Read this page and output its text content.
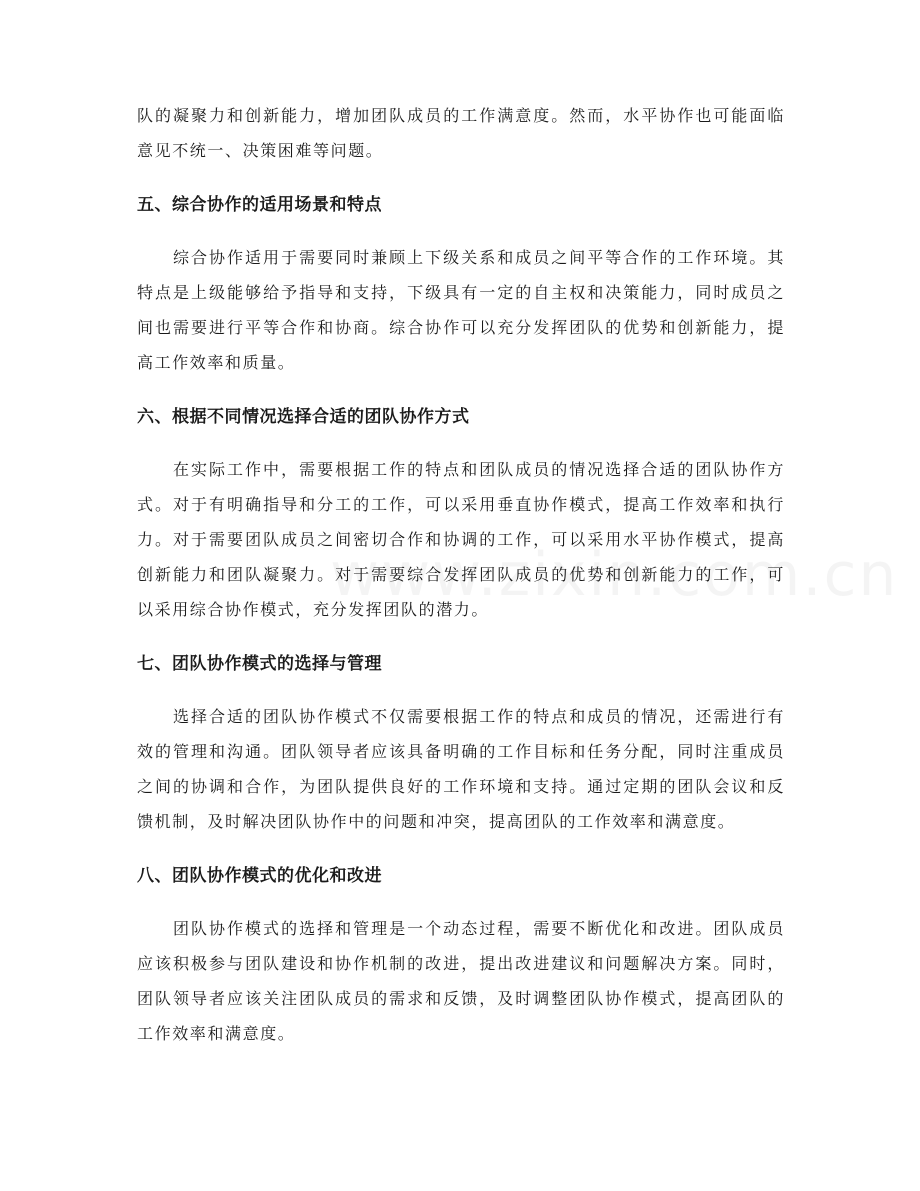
队的凝聚力和创新能力，增加团队成员的工作满意度。然而，水平协作也可能面临意见不统一、决策困难等问题。

五、综合协作的适用场景和特点

综合协作适用于需要同时兼顾上下级关系和成员之间平等合作的工作环境。其特点是上级能够给予指导和支持，下级具有一定的自主权和决策能力，同时成员之间也需要进行平等合作和协商。综合协作可以充分发挥团队的优势和创新能力，提高工作效率和质量。

六、根据不同情况选择合适的团队协作方式

在实际工作中，需要根据工作的特点和团队成员的情况选择合适的团队协作方式。对于有明确指导和分工的工作，可以采用垂直协作模式，提高工作效率和执行力。对于需要团队成员之间密切合作和协调的工作，可以采用水平协作模式，提高创新能力和团队凝聚力。对于需要综合发挥团队成员的优势和创新能力的工作，可以采用综合协作模式，充分发挥团队的潜力。

七、团队协作模式的选择与管理

选择合适的团队协作模式不仅需要根据工作的特点和成员的情况，还需进行有效的管理和沟通。团队领导者应该具备明确的工作目标和任务分配，同时注重成员之间的协调和合作，为团队提供良好的工作环境和支持。通过定期的团队会议和反馈机制，及时解决团队协作中的问题和冲突，提高团队的工作效率和满意度。

八、团队协作模式的优化和改进

团队协作模式的选择和管理是一个动态过程，需要不断优化和改进。团队成员应该积极参与团队建设和协作机制的改进，提出改进建议和问题解决方案。同时，团队领导者应该关注团队成员的需求和反馈，及时调整团队协作模式，提高团队的工作效率和满意度。
